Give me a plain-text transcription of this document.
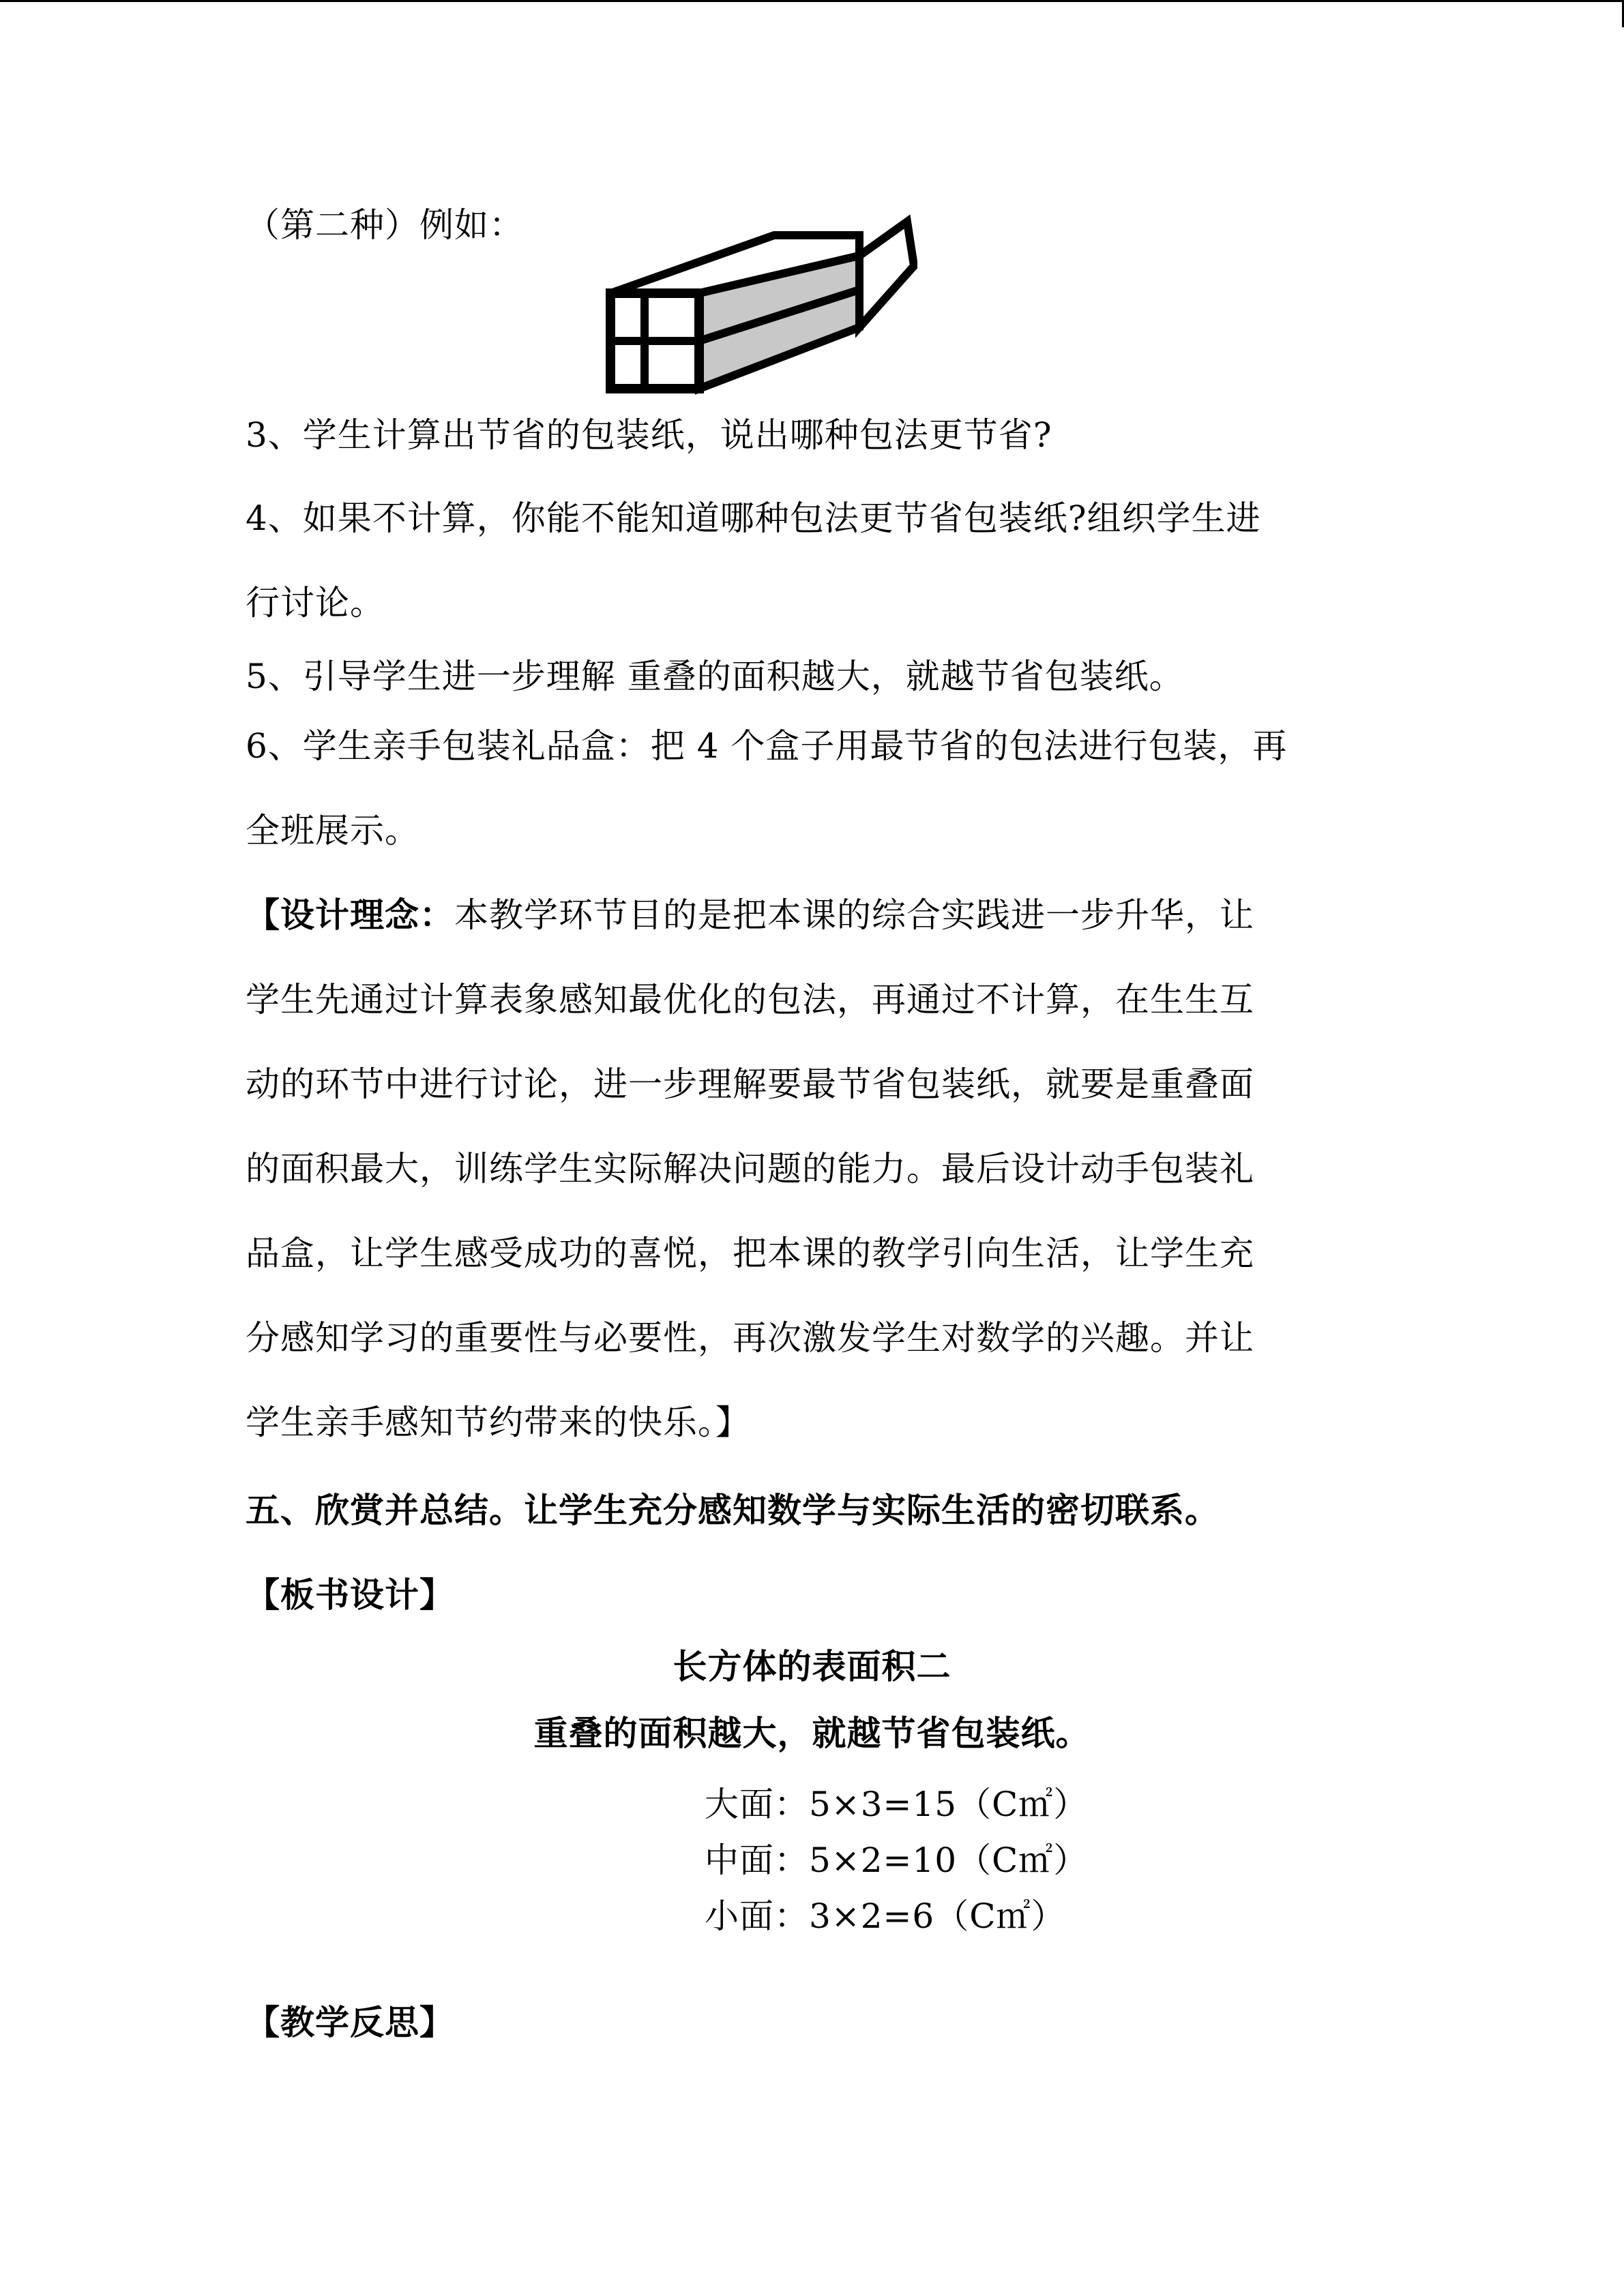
（第二种）例如：
3、学生计算出节省的包装纸，说出哪种包法更节省?
4、如果不计算，你能不能知道哪种包法更节省包装纸?组织学生进
行讨论。
5、引导学生进一步理解 重叠的面积越大，就越节省包装纸。
6、学生亲手包装礼品盒：把 4 个盒子用最节省的包法进行包装，再
全班展示。
【设计理念：本教学环节目的是把本课的综合实践进一步升华，让
学生先通过计算表象感知最优化的包法，再通过不计算，在生生互
动的环节中进行讨论，进一步理解要最节省包装纸，就要是重叠面
的面积最大，训练学生实际解决问题的能力。最后设计动手包装礼
品盒，让学生感受成功的喜悦，把本课的教学引向生活，让学生充
分感知学习的重要性与必要性，再次激发学生对数学的兴趣。并让
学生亲手感知节约带来的快乐。】
五、欣赏并总结。让学生充分感知数学与实际生活的密切联系。
【板书设计】
长方体的表面积二
重叠的面积越大，就越节省包装纸。
大面：5×3=15（C㎡）
中面：5×2=10（C㎡）
小面：3×2=6（C㎡）
【教学反思】
